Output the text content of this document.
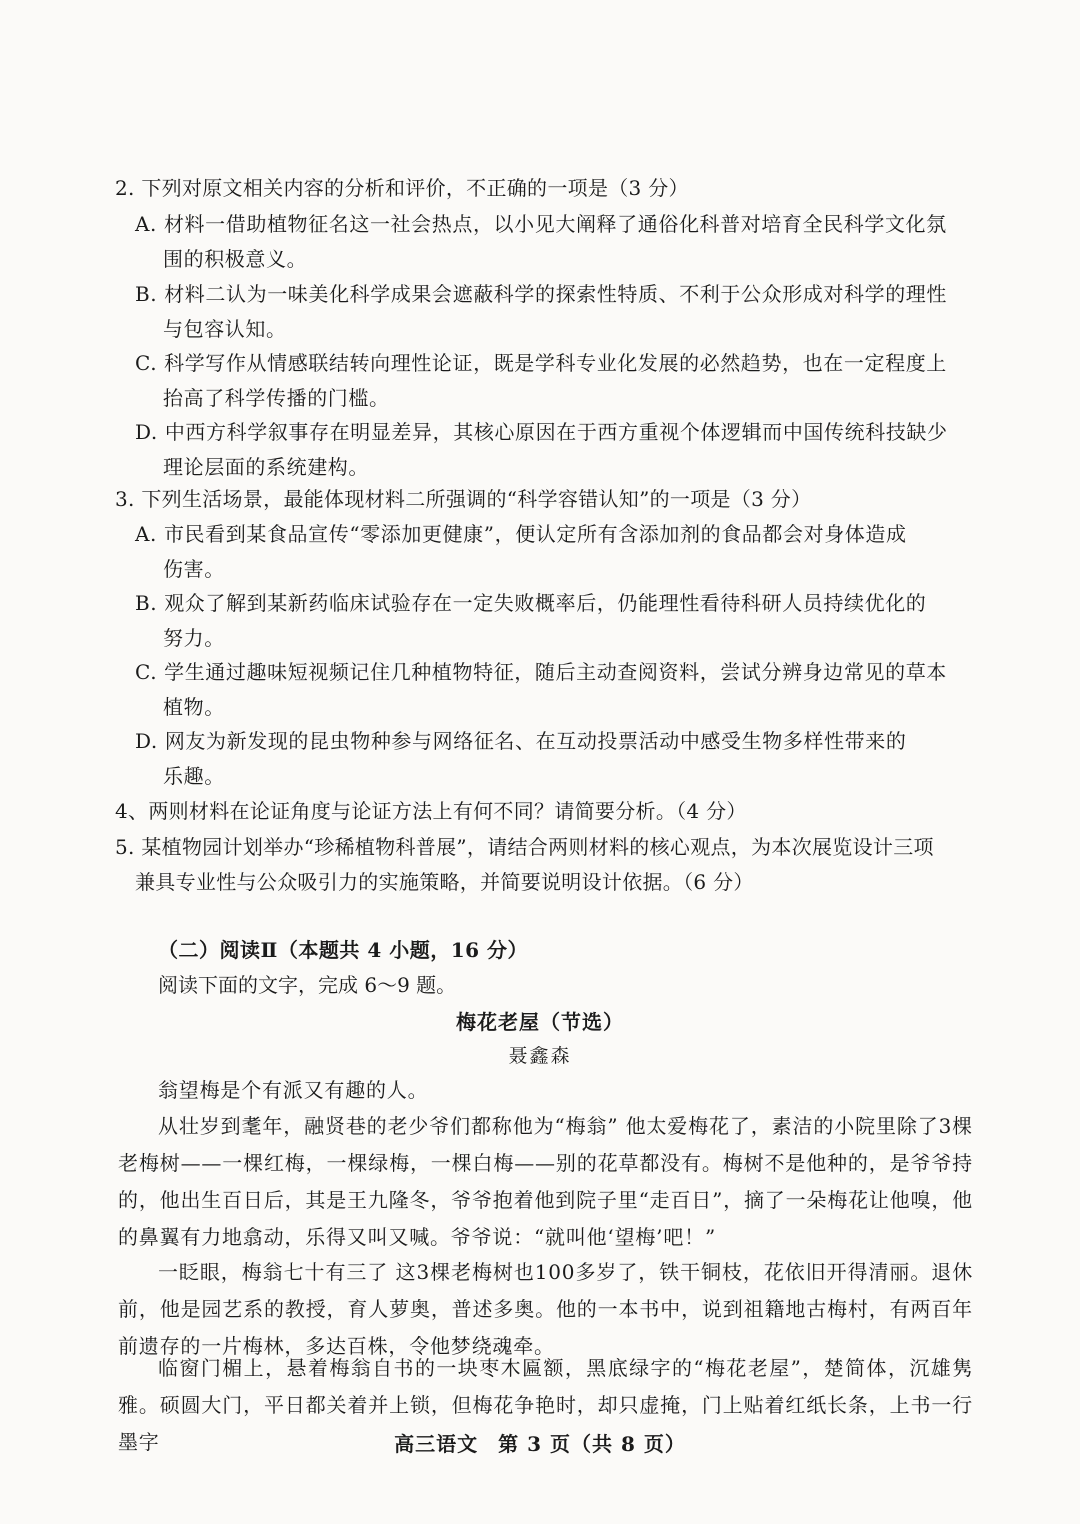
2. 下列对原文相关内容的分析和评价，不正确的一项是（3 分）
A. 材料一借助植物征名这一社会热点，以小见大阐释了通俗化科普对培育全民科学文化氛
围的积极意义。
B. 材料二认为一味美化科学成果会遮蔽科学的探索性特质、不利于公众形成对科学的理性
与包容认知。
C. 科学写作从情感联结转向理性论证，既是学科专业化发展的必然趋势，也在一定程度上
抬高了科学传播的门槛。
D. 中西方科学叙事存在明显差异，其核心原因在于西方重视个体逻辑而中国传统科技缺少
理论层面的系统建构。
3. 下列生活场景，最能体现材料二所强调的“科学容错认知”的一项是（3 分）
A. 市民看到某食品宣传“零添加更健康”，便认定所有含添加剂的食品都会对身体造成
伤害。
B. 观众了解到某新药临床试验存在一定失败概率后，仍能理性看待科研人员持续优化的
努力。
C. 学生通过趣味短视频记住几种植物特征，随后主动查阅资料，尝试分辨身边常见的草本
植物。
D. 网友为新发现的昆虫物种参与网络征名、在互动投票活动中感受生物多样性带来的
乐趣。
4、两则材料在论证角度与论证方法上有何不同？请简要分析。（4 分）
5. 某植物园计划举办“珍稀植物科普展”，请结合两则材料的核心观点，为本次展览设计三项
兼具专业性与公众吸引力的实施策略，并简要说明设计依据。（6 分）
（二）阅读Ⅱ（本题共 4 小题，16 分）
阅读下面的文字，完成 6～9 题。
梅花老屋（节选）
聂鑫森
翁望梅是个有派又有趣的人。
从壮岁到耄年，融贤巷的老少爷们都称他为“梅翁” 他太爱梅花了，素洁的小院里除了3棵老梅树——一棵红梅，一棵绿梅，一棵白梅——别的花草都没有。梅树不是他种的，是爷爷持的，他出生百日后，其是王九隆冬，爷爷抱着他到院子里“走百日”，摘了一朵梅花让他嗅，他的鼻翼有力地翕动，乐得又叫又喊。爷爷说：“就叫他‘望梅’吧！”
一眨眼，梅翁七十有三了 这3棵老梅树也100多岁了，铁干铜枝，花依旧开得清丽。退休前，他是园艺系的教授，育人萝奥，普述多奥。他的一本书中，说到祖籍地古梅村，有两百年前遗存的一片梅林，多达百株，令他梦绕魂牵。
临窗门楣上，悬着梅翁自书的一块枣木匾额，黑底绿字的“梅花老屋”，楚简体，沉雄隽雅。硕圆大门，平日都关着并上锁，但梅花争艳时，却只虚掩，门上贴着红纸长条，上书一行墨字	高三语文 第 3 页（共 8 页）
